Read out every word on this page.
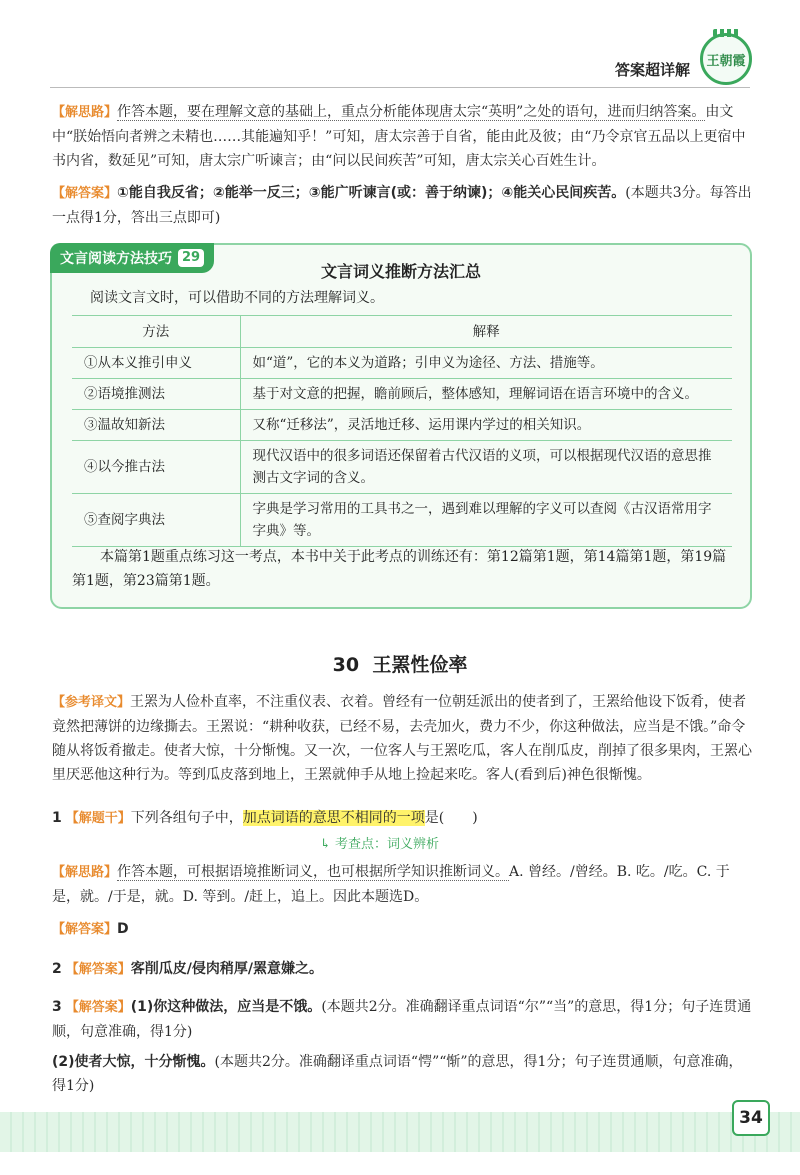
答案超详解 王朝霞

【解思路】作答本题，要在理解文意的基础上，重点分析能体现唐太宗“英明”之处的语句，进而归纳答案。由文中“朕始悟向者辨之未精也……其能遍知乎！”可知，唐太宗善于自省，能由此及彼；由“乃令京官五品以上更宿中书内省，数延见”可知，唐太宗广听谏言；由“问以民间疾苦”可知，唐太宗关心百姓生计。

【解答案】①能自我反省；②能举一反三；③能广听谏言(或：善于纳谏)；④能关心民间疾苦。(本题共3分。每答出一点得1分，答出三点即可)

文言阅读方法技巧 29
文言词义推断方法汇总
阅读文言文时，可以借助不同的方法理解词义。
方法	解释
①从本义推引申义	如“道”，它的本义为道路；引申义为途径、方法、措施等。
②语境推测法	基于对文意的把握，瞻前顾后，整体感知，理解词语在语言环境中的含义。
③温故知新法	又称“迁移法”，灵活地迁移、运用课内学过的相关知识。
④以今推古法	现代汉语中的很多词语还保留着古代汉语的义项，可以根据现代汉语的意思推测古文字词的含义。
⑤查阅字典法	字典是学习常用的工具书之一，遇到难以理解的字义可以查阅《古汉语常用字字典》等。
本篇第1题重点练习这一考点，本书中关于此考点的训练还有：第12篇第1题，第14篇第1题，第19篇第1题，第23篇第1题。
30 王罴性俭率

【参考译文】王罴为人俭朴直率，不注重仪表、衣着。曾经有一位朝廷派出的使者到了，王罴给他设下饭肴，使者竟然把薄饼的边缘撕去。王罴说：“耕种收获，已经不易，去壳加火，费力不少，你这种做法，应当是不饿。”命令随从将饭肴撤走。使者大惊，十分惭愧。又一次，一位客人与王罴吃瓜，客人在削瓜皮，削掉了很多果肉，王罴心里厌恶他这种行为。等到瓜皮落到地上，王罴就伸手从地上捡起来吃。客人(看到后)神色很惭愧。

1 【解题干】下列各组句子中，加点词语的意思不相同的一项是(　　)

↳ 考查点：词义辨析

【解思路】作答本题，可根据语境推断词义，也可根据所学知识推断词义。A. 曾经。/曾经。B. 吃。/吃。C. 于是，就。/于是，就。D. 等到。/赶上，追上。因此本题选D。

【解答案】D

2 【解答案】客削瓜皮/侵肉稍厚/罴意嫌之。

3 【解答案】(1)你这种做法，应当是不饿。(本题共2分。准确翻译重点词语“尔”“当”的意思，得1分；句子连贯通顺，句意准确，得1分)

(2)使者大惊，十分惭愧。(本题共2分。准确翻译重点词语“愕”“惭”的意思，得1分；句子连贯通顺，句意准确，得1分)

34
